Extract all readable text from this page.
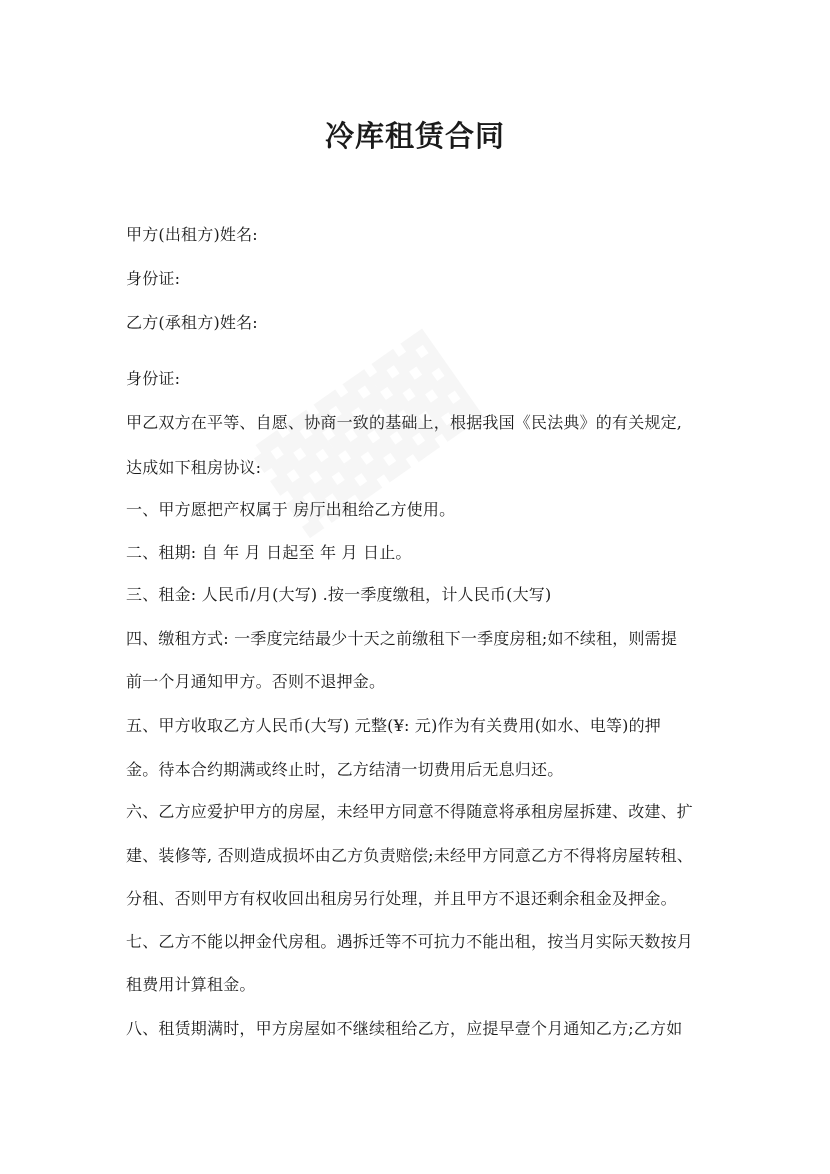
冷库租赁合同
甲方(出租方)姓名:
身份证:
乙方(承租方)姓名:
身份证:
甲乙双方在平等、自愿、协商一致的基础上，根据我国《民法典》的有关规定,
达成如下租房协议:
一、甲方愿把产权属于 房厅出租给乙方使用。
二、租期: 自 年 月 日起至 年 月 日止。
三、租金: 人民币/月(大写) .按一季度缴租，计人民币(大写)
四、缴租方式: 一季度完结最少十天之前缴租下一季度房租;如不续租，则需提
前一个月通知甲方。否则不退押金。
五、甲方收取乙方人民币(大写) 元整(¥: 元)作为有关费用(如水、电等)的押
金。待本合约期满或终止时，乙方结清一切费用后无息归还。
六、乙方应爱护甲方的房屋，未经甲方同意不得随意将承租房屋拆建、改建、扩
建、装修等, 否则造成损坏由乙方负责赔偿;未经甲方同意乙方不得将房屋转租、
分租、否则甲方有权收回出租房另行处理，并且甲方不退还剩余租金及押金。
七、乙方不能以押金代房租。遇拆迁等不可抗力不能出租，按当月实际天数按月
租费用计算租金。
八、租赁期满时，甲方房屋如不继续租给乙方，应提早壹个月通知乙方;乙方如
